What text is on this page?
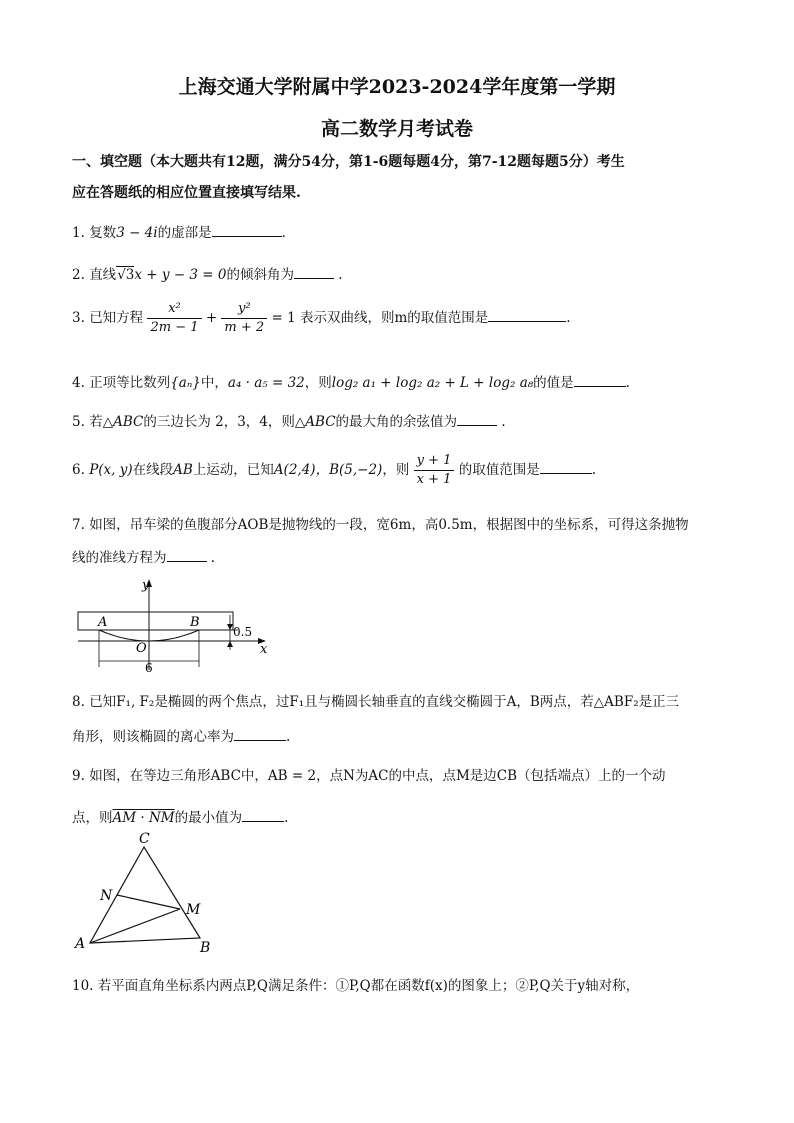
上海交通大学附属中学2023-2024学年度第一学期
高二数学月考试卷
一、填空题（本大题共有12题，满分54分，第1-6题每题4分，第7-12题每题5分）考生
应在答题纸的相应位置直接填写结果.
1. 复数3 − 4i的虚部是	.
2. 直线√3x + y − 3 = 0的倾斜角为	.
3. 已知方程 $\frac{\text{x²}}{2m - 1} + \frac{\text{y²}}{m + 2} = 1$ 表示双曲线，则m的取值范围是	.
4. 正项等比数列{aₙ}中，a₄ · a₅ = 32，则log₂ a₁ + log₂ a₂ + L + log₂ a₈的值是	.
5. 若△ABC的三边长为 2，3，4，则△ABC的最大角的余弦值为	.
6. P(x, y)在线段AB上运动，已知A(2,4)，B(5,−2)，则 $\frac{y + 1}{x + 1}$ 的取值范围是	.
7. 如图，吊车梁的鱼腹部分AOB是抛物线的一段，宽6m，高0.5m，根据图中的坐标系，可得这条抛物
线的准线方程为	.
y
x
A	B
O
0.5
6
8. 已知F₁, F₂是椭圆的两个焦点，过F₁且与椭圆长轴垂直的直线交椭圆于A，B两点，若△ABF₂是正三
角形，则该椭圆的离心率为	.
9. 如图，在等边三角形ABC中，AB = 2，点N为AC的中点，点M是边CB（包括端点）上的一个动
点，则AM · NM的最小值为	.
C
N
M
A	B
10. 若平面直角坐标系内两点P,Q满足条件：①P,Q都在函数f(x)的图象上；②P,Q关于y轴对称，
